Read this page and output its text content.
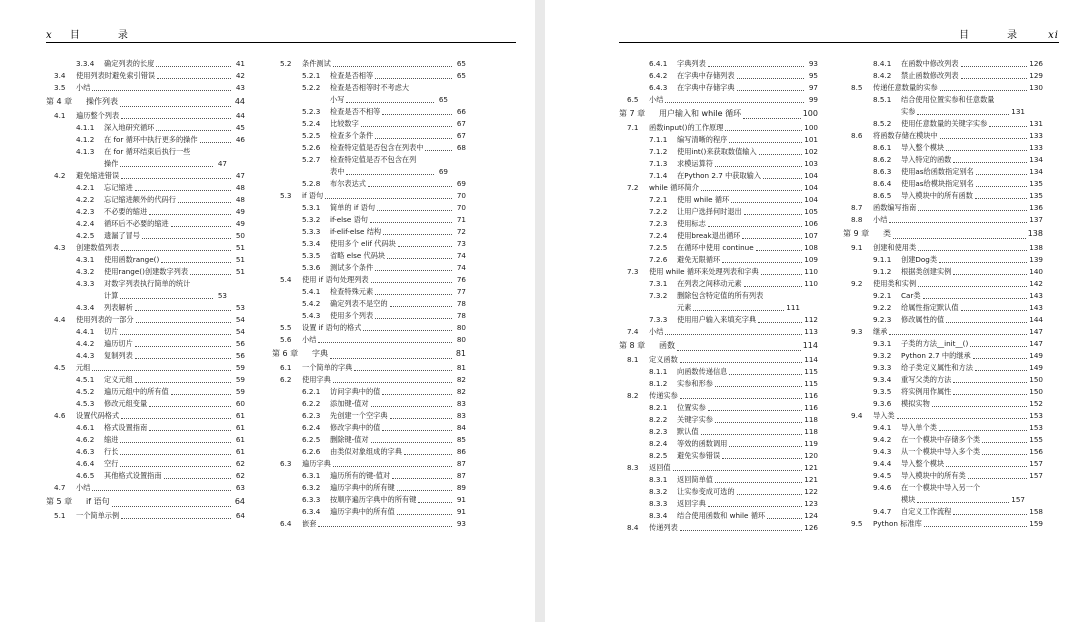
x 目　录
3.3.4	确定列表的长度	41
3.4	使用列表时避免索引错误	42
3.5	小结	43
第 4 章	操作列表	44
4.1	遍历整个列表	44
4.1.1	深入地研究循环	45
4.1.2	在 for 循环中执行更多的操作	46
4.1.3	在 for 循环结束后执行一些
操作	47
4.2	避免缩进错误	47
4.2.1	忘记缩进	48
4.2.2	忘记缩进额外的代码行	48
4.2.3	不必要的缩进	49
4.2.4	循环后不必要的缩进	49
4.2.5	遗漏了冒号	50
4.3	创建数值列表	51
4.3.1	使用函数range()	51
4.3.2	使用range()创建数字列表	51
4.3.3	对数字列表执行简单的统计
计算	53
4.3.4	列表解析	53
4.4	使用列表的一部分	54
4.4.1	切片	54
4.4.2	遍历切片	56
4.4.3	复制列表	56
4.5	元组	59
4.5.1	定义元组	59
4.5.2	遍历元组中的所有值	59
4.5.3	修改元组变量	60
4.6	设置代码格式	61
4.6.1	格式设置指南	61
4.6.2	缩进	61
4.6.3	行长	61
4.6.4	空行	62
4.6.5	其他格式设置指南	62
4.7	小结	63
第 5 章	if 语句	64
5.1	一个简单示例	64
5.2	条件测试	65
5.2.1	检查是否相等	65
5.2.2	检查是否相等时不考虑大
小写	65
5.2.3	检查是否不相等	66
5.2.4	比较数字	67
5.2.5	检查多个条件	67
5.2.6	检查特定值是否包含在列表中	68
5.2.7	检查特定值是否不包含在列
表中	69
5.2.8	布尔表达式	69
5.3	if 语句	70
5.3.1	简单的 if 语句	70
5.3.2	if-else 语句	71
5.3.3	if-elif-else 结构	72
5.3.4	使用多个 elif 代码块	73
5.3.5	省略 else 代码块	74
5.3.6	测试多个条件	74
5.4	使用 if 语句处理列表	76
5.4.1	检查特殊元素	77
5.4.2	确定列表不是空的	78
5.4.3	使用多个列表	78
5.5	设置 if 语句的格式	80
5.6	小结	80
第 6 章	字典	81
6.1	一个简单的字典	81
6.2	使用字典	82
6.2.1	访问字典中的值	82
6.2.2	添加键-值对	83
6.2.3	先创建一个空字典	83
6.2.4	修改字典中的值	84
6.2.5	删除键-值对	85
6.2.6	由类似对象组成的字典	86
6.3	遍历字典	87
6.3.1	遍历所有的键-值对	87
6.3.2	遍历字典中的所有键	89
6.3.3	按顺序遍历字典中的所有键	91
6.3.4	遍历字典中的所有值	91
6.4	嵌套	93
目　录 xi
6.4.1	字典列表	93
6.4.2	在字典中存储列表	95
6.4.3	在字典中存储字典	97
6.5	小结	99
第 7 章	用户输入和 while 循环	100
7.1	函数input()的工作原理	100
7.1.1	编写清晰的程序	101
7.1.2	使用int()来获取数值输入	102
7.1.3	求模运算符	103
7.1.4	在Python 2.7 中获取输入	104
7.2	while 循环简介	104
7.2.1	使用 while 循环	104
7.2.2	让用户选择何时退出	105
7.2.3	使用标志	106
7.2.4	使用break退出循环	107
7.2.5	在循环中使用 continue	108
7.2.6	避免无限循环	109
7.3	使用 while 循环来处理列表和字典	110
7.3.1	在列表之间移动元素	110
7.3.2	删除包含特定值的所有列表
元素	111
7.3.3	使用用户输入来填充字典	112
7.4	小结	113
第 8 章	函数	114
8.1	定义函数	114
8.1.1	向函数传递信息	115
8.1.2	实参和形参	115
8.2	传递实参	116
8.2.1	位置实参	116
8.2.2	关键字实参	118
8.2.3	默认值	118
8.2.4	等效的函数调用	119
8.2.5	避免实参错误	120
8.3	返回值	121
8.3.1	返回简单值	121
8.3.2	让实参变成可选的	122
8.3.3	返回字典	123
8.3.4	结合使用函数和 while 循环	124
8.4	传递列表	126
8.4.1	在函数中修改列表	126
8.4.2	禁止函数修改列表	129
8.5	传递任意数量的实参	130
8.5.1	结合使用位置实参和任意数量
实参	131
8.5.2	使用任意数量的关键字实参	131
8.6	将函数存储在模块中	133
8.6.1	导入整个模块	133
8.6.2	导入特定的函数	134
8.6.3	使用as给函数指定别名	134
8.6.4	使用as给模块指定别名	135
8.6.5	导入模块中的所有函数	135
8.7	函数编写指南	136
8.8	小结	137
第 9 章	类	138
9.1	创建和使用类	138
9.1.1	创建Dog类	139
9.1.2	根据类创建实例	140
9.2	使用类和实例	142
9.2.1	Car类	143
9.2.2	给属性指定默认值	143
9.2.3	修改属性的值	144
9.3	继承	147
9.3.1	子类的方法__init__()	147
9.3.2	Python 2.7 中的继承	149
9.3.3	给子类定义属性和方法	149
9.3.4	重写父类的方法	150
9.3.5	将实例用作属性	150
9.3.6	模拟实物	152
9.4	导入类	153
9.4.1	导入单个类	153
9.4.2	在一个模块中存储多个类	155
9.4.3	从一个模块中导入多个类	156
9.4.4	导入整个模块	157
9.4.5	导入模块中的所有类	157
9.4.6	在一个模块中导入另一个
模块	157
9.4.7	自定义工作流程	158
9.5	Python 标准库	159
